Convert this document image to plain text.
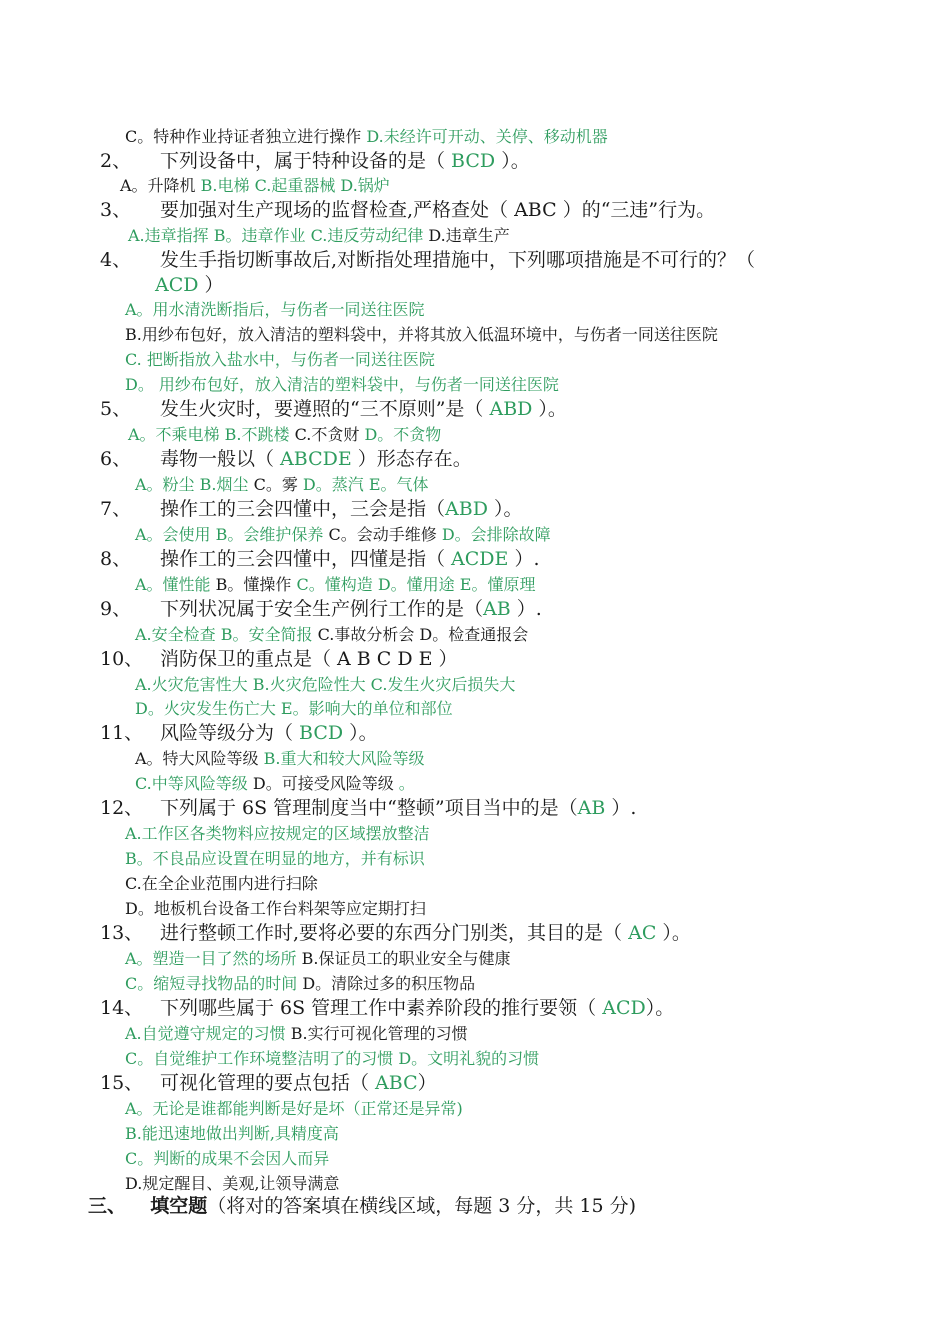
C。特种作业持证者独立进行操作 D.未经许可开动、关停、移动机器
2、 下列设备中，属于特种设备的是（ BCD ）。
A。升降机 B.电梯 C.起重器械 D.锅炉
3、 要加强对生产现场的监督检查,严格查处（ ABC ）的“三违”行为。
A.违章指挥 B。违章作业 C.违反劳动纪律 D.违章生产
4、 发生手指切断事故后,对断指处理措施中，下列哪项措施是不可行的？（
ACD ）
A。用水清洗断指后，与伤者一同送往医院
B.用纱布包好，放入清洁的塑料袋中，并将其放入低温环境中，与伤者一同送往医院
C. 把断指放入盐水中，与伤者一同送往医院
D。 用纱布包好，放入清洁的塑料袋中，与伤者一同送往医院
5、 发生火灾时，要遵照的“三不原则”是（ ABD ）。
A。不乘电梯 B.不跳楼 C.不贪财 D。不贪物
6、 毒物一般以（ ABCDE ）形态存在。
A。粉尘 B.烟尘 C。雾 D。蒸汽 E。气体
7、 操作工的三会四懂中，三会是指（ABD ）。
A。会使用 B。会维护保养 C。会动手维修 D。会排除故障
8、 操作工的三会四懂中，四懂是指（ ACDE ）.
A。懂性能 B。懂操作 C。懂构造 D。懂用途 E。懂原理
9、 下列状况属于安全生产例行工作的是（AB ）.
A.安全检查 B。安全简报 C.事故分析会 D。检查通报会
10、 消防保卫的重点是（ A B C D E ）
A.火灾危害性大 B.火灾危险性大 C.发生火灾后损失大
D。火灾发生伤亡大 E。影响大的单位和部位
11、 风险等级分为（ BCD ）。
A。特大风险等级 B.重大和较大风险等级
C.中等风险等级 D。可接受风险等级 。
12、 下列属于 6S 管理制度当中“整顿”项目当中的是（AB ）.
A.工作区各类物料应按规定的区域摆放整洁
B。不良品应设置在明显的地方，并有标识
C.在全企业范围内进行扫除
D。地板机台设备工作台料架等应定期打扫
13、 进行整顿工作时,要将必要的东西分门别类，其目的是（ AC ）。
A。塑造一目了然的场所 B.保证员工的职业安全与健康
C。缩短寻找物品的时间 D。清除过多的积压物品
14、 下列哪些属于 6S 管理工作中素养阶段的推行要领（ ACD）。
A.自觉遵守规定的习惯 B.实行可视化管理的习惯
C。自觉维护工作环境整洁明了的习惯 D。文明礼貌的习惯
15、 可视化管理的要点包括（ ABC）
A。无论是谁都能判断是好是坏（正常还是异常)
B.能迅速地做出判断,具精度高
C。判断的成果不会因人而异
D.规定醒目、美观,让领导满意
三、 填空题（将对的答案填在横线区域，每题 3 分，共 15 分)
